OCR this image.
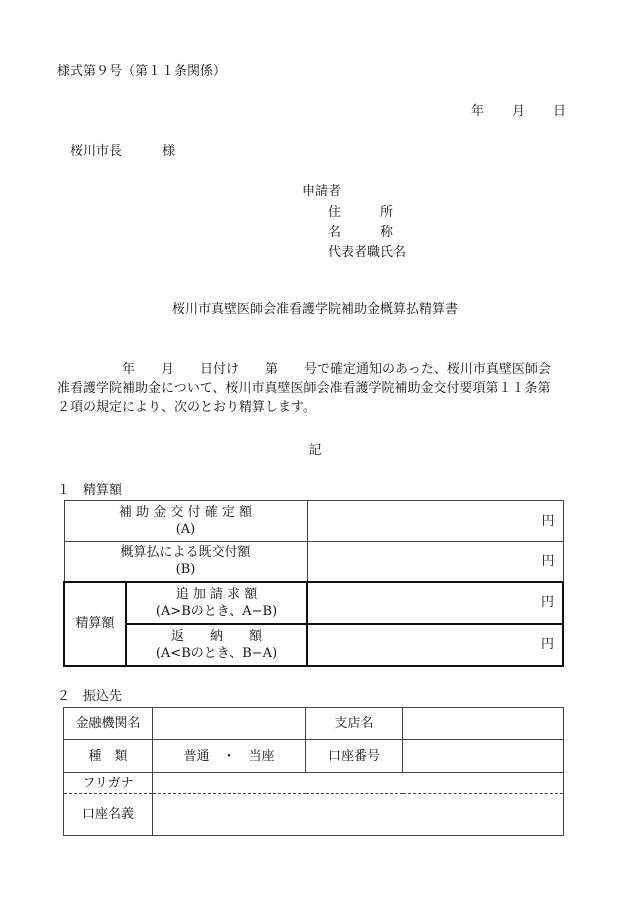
様式第９号（第１１条関係）
年 月 日
桜川市長	様
申請者
住　　　所
名　　　称
代表者職氏名
桜川市真壁医師会准看護学院補助金概算払精算書

　　　　　年　　月　　日付け　　第　　号で確定通知のあった、桜川市真壁医師会

准看護学院補助金について、桜川市真壁医師会准看護学院補助金交付要項第１１条第

２項の規定により、次のとおり精算します。

記
１　精算額
補 助 金 交 付 確 定 額
(A)		円

概算払による既交付額
(B)		円
精算額	追 加 請 求 額
(A>Bのとき、A−B)	円

	返　　納　　額
(A<Bのとき、B−A)	円
２　振込先
金融機関名		支店名	
種　類	普通　・　当座	口座番号	
フリガナ			
口座名義			
